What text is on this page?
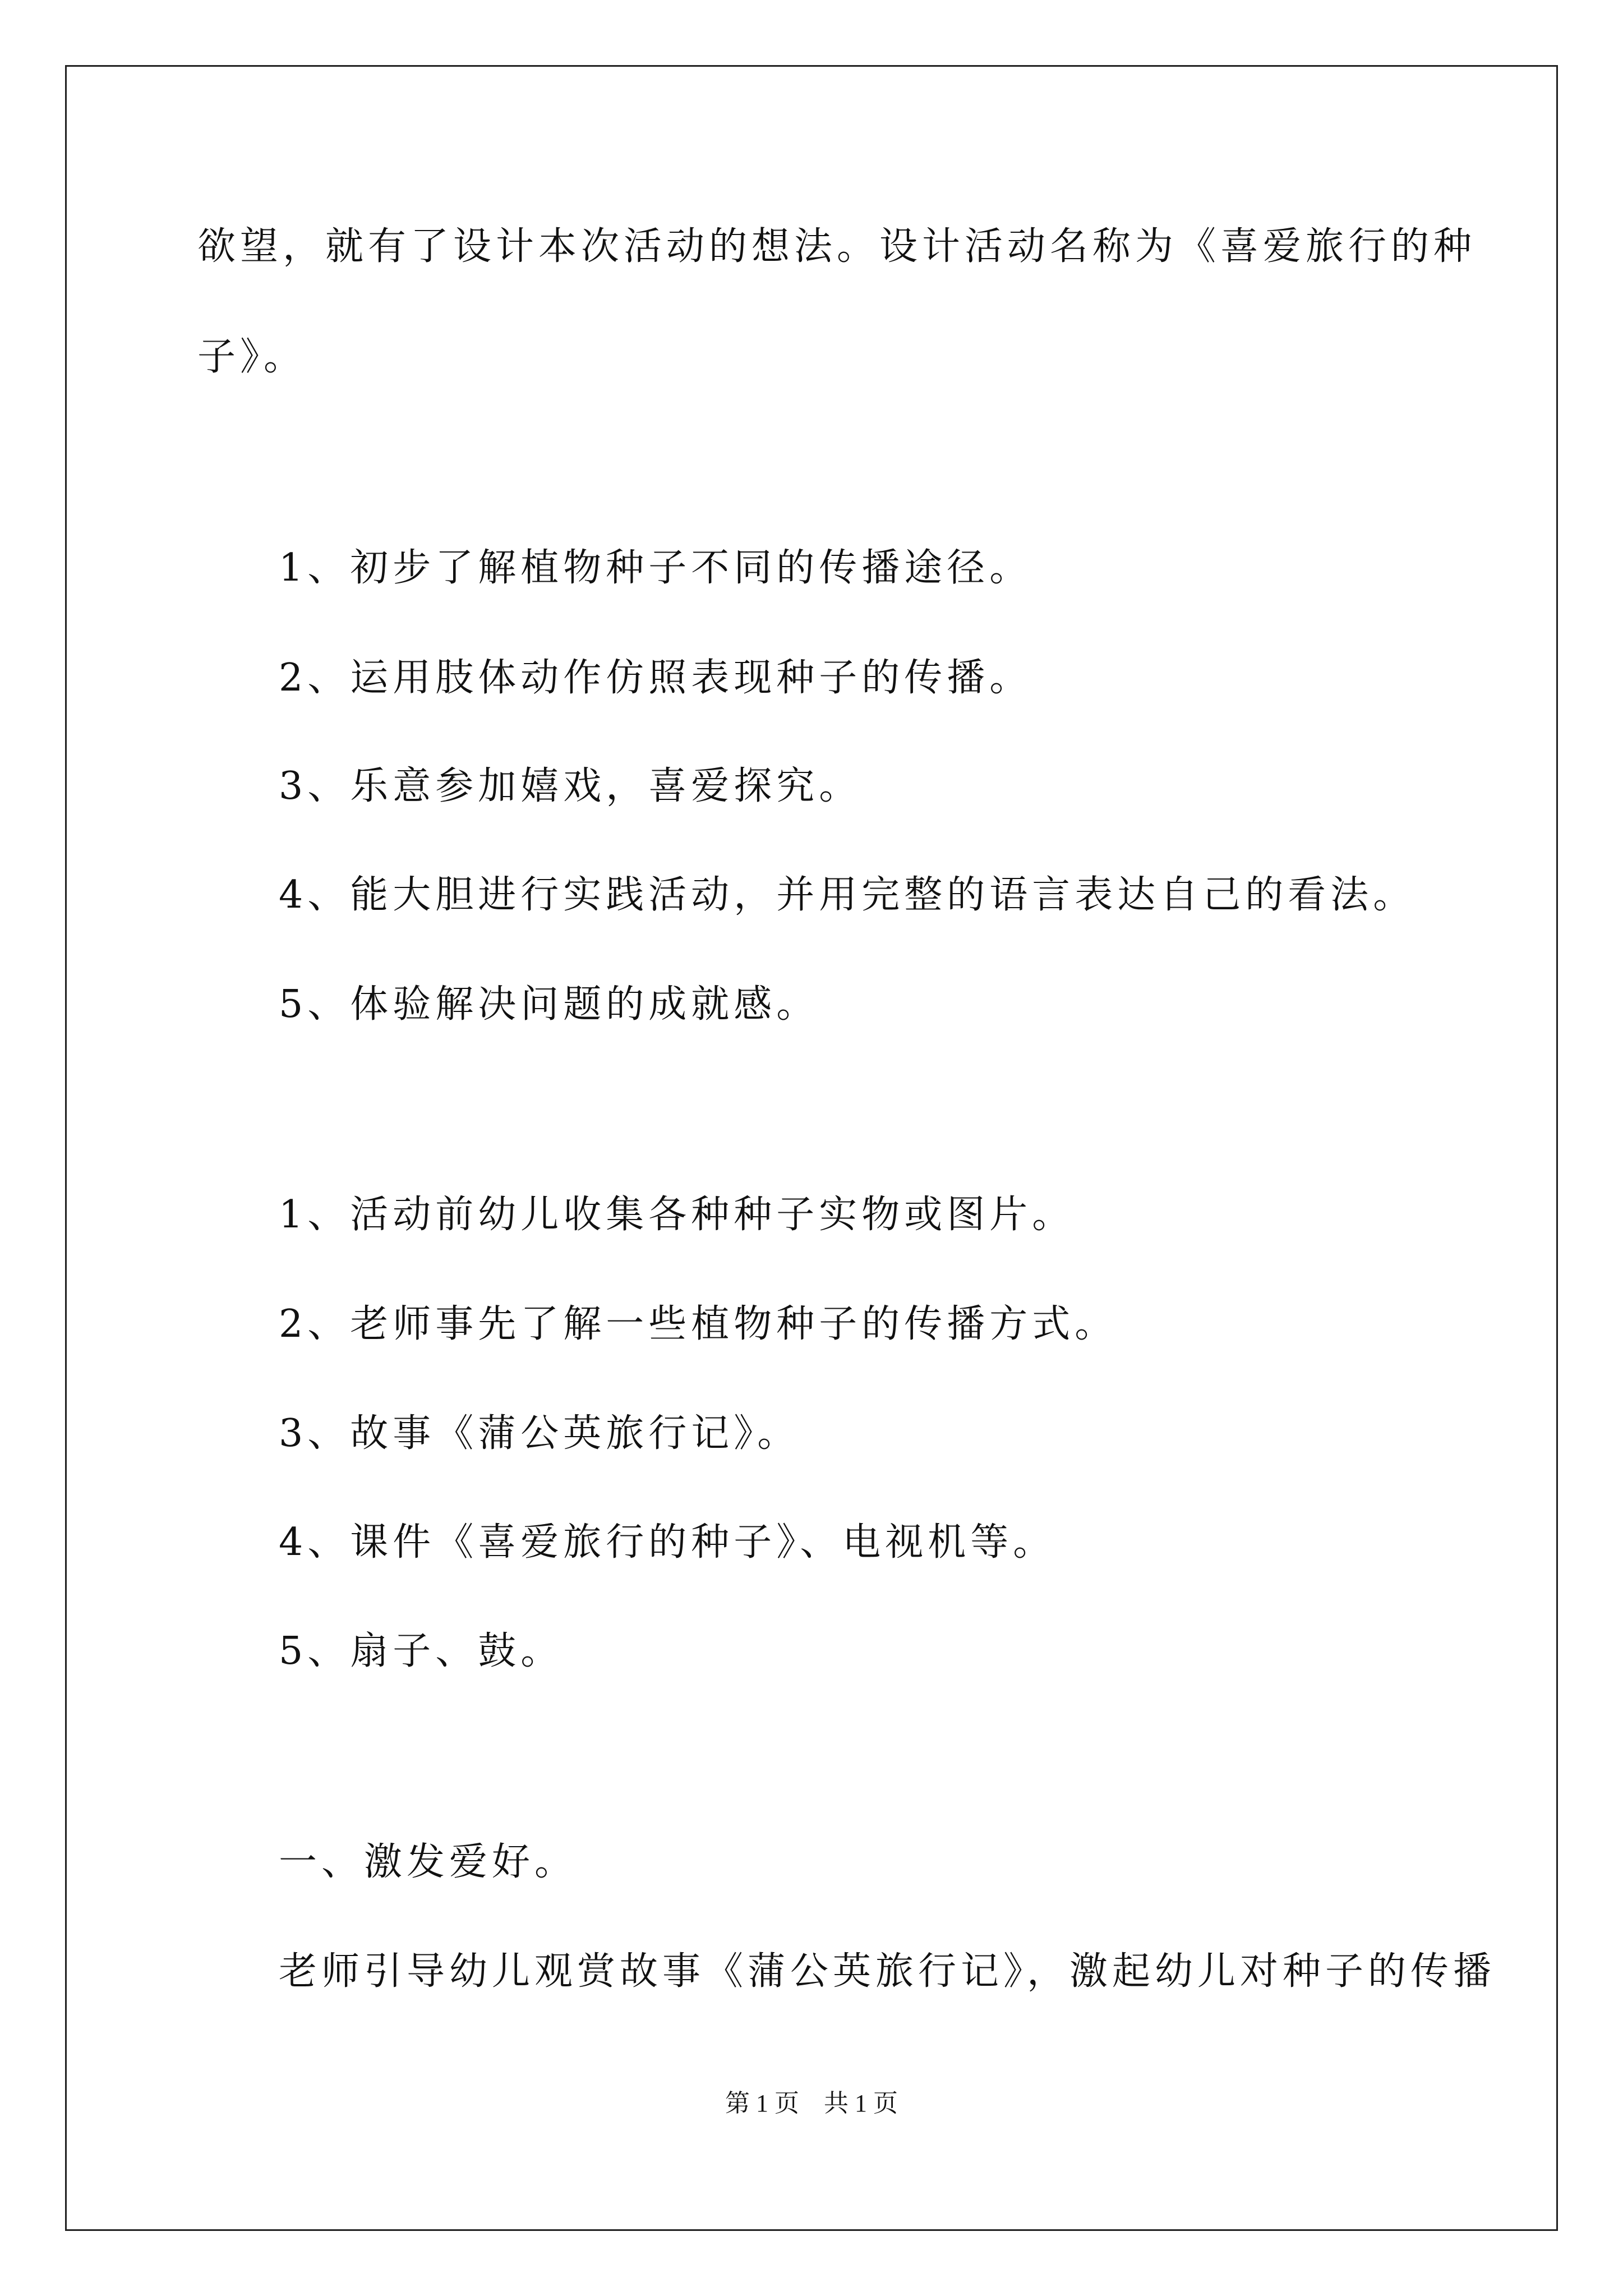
欲望，就有了设计本次活动的想法。设计活动名称为《喜爱旅行的种
子》。
1、初步了解植物种子不同的传播途径。
2、运用肢体动作仿照表现种子的传播。
3、乐意参加嬉戏，喜爱探究。
4、能大胆进行实践活动，并用完整的语言表达自己的看法。
5、体验解决问题的成就感。
1、活动前幼儿收集各种种子实物或图片。
2、老师事先了解一些植物种子的传播方式。
3、故事《蒲公英旅行记》。
4、课件《喜爱旅行的种子》、电视机等。
5、扇子、鼓。
一、激发爱好。
老师引导幼儿观赏故事《蒲公英旅行记》，激起幼儿对种子的传播
第 1 页    共 1 页
